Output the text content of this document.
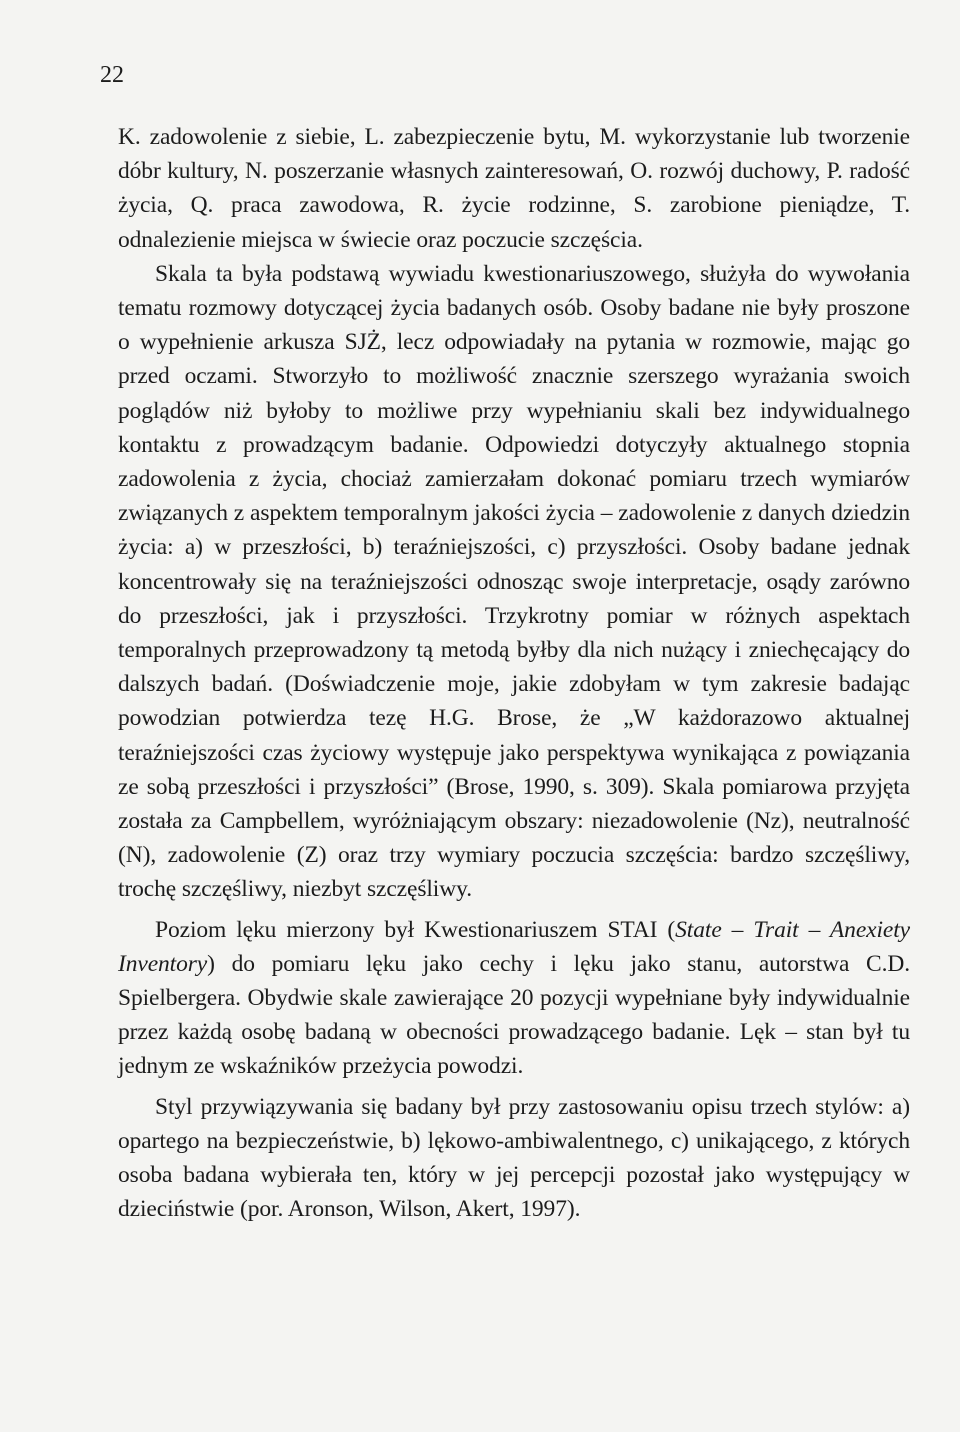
22

K. zadowolenie z siebie, L. zabezpieczenie bytu, M. wykorzystanie lub tworzenie dóbr kultury, N. poszerzanie własnych zainteresowań, O. rozwój duchowy, P. radość życia, Q. praca zawodowa, R. życie rodzinne, S. zarobione pieniądze, T. odnalezienie miejsca w świecie oraz poczucie szczęścia.

Skala ta była podstawą wywiadu kwestionariuszowego, służyła do wywołania tematu rozmowy dotyczącej życia badanych osób. Osoby badane nie były proszone o wypełnienie arkusza SJŻ, lecz odpowiadały na pytania w rozmowie, mając go przed oczami. Stworzyło to możliwość znacznie szerszego wyrażania swoich poglądów niż byłoby to możliwe przy wypełnianiu skali bez indywidualnego kontaktu z prowadzącym badanie. Odpowiedzi dotyczyły aktualnego stopnia zadowolenia z życia, chociaż zamierzałam dokonać pomiaru trzech wymiarów związanych z aspektem temporalnym jakości życia – zadowolenie z danych dziedzin życia: a) w przeszłości, b) teraźniejszości, c) przyszłości. Osoby badane jednak koncentrowały się na teraźniejszości odnosząc swoje interpretacje, osądy zarówno do przeszłości, jak i przyszłości. Trzykrotny pomiar w różnych aspektach temporalnych przeprowadzony tą metodą byłby dla nich nużący i zniechęcający do dalszych badań. (Doświadczenie moje, jakie zdobyłam w tym zakresie badając powodzian potwierdza tezę H.G. Brose, że „W każdorazowo aktualnej teraźniejszości czas życiowy występuje jako perspektywa wynikająca z powiązania ze sobą przeszłości i przyszłości” (Brose, 1990, s. 309). Skala pomiarowa przyjęta została za Campbellem, wyróżniającym obszary: niezadowolenie (Nz), neutralność (N), zadowolenie (Z) oraz trzy wymiary poczucia szczęścia: bardzo szczęśliwy, trochę szczęśliwy, niezbyt szczęśliwy.

Poziom lęku mierzony był Kwestionariuszem STAI (State – Trait – Anexiety Inventory) do pomiaru lęku jako cechy i lęku jako stanu, autorstwa C.D. Spielbergera. Obydwie skale zawierające 20 pozycji wypełniane były indywidualnie przez każdą osobę badaną w obecności prowadzącego badanie. Lęk – stan był tu jednym ze wskaźników przeżycia powodzi.

Styl przywiązywania się badany był przy zastosowaniu opisu trzech stylów: a) opartego na bezpieczeństwie, b) lękowo-ambiwalentnego, c) unikającego, z których osoba badana wybierała ten, który w jej percepcji pozostał jako występujący w dzieciństwie (por. Aronson, Wilson, Akert, 1997).
